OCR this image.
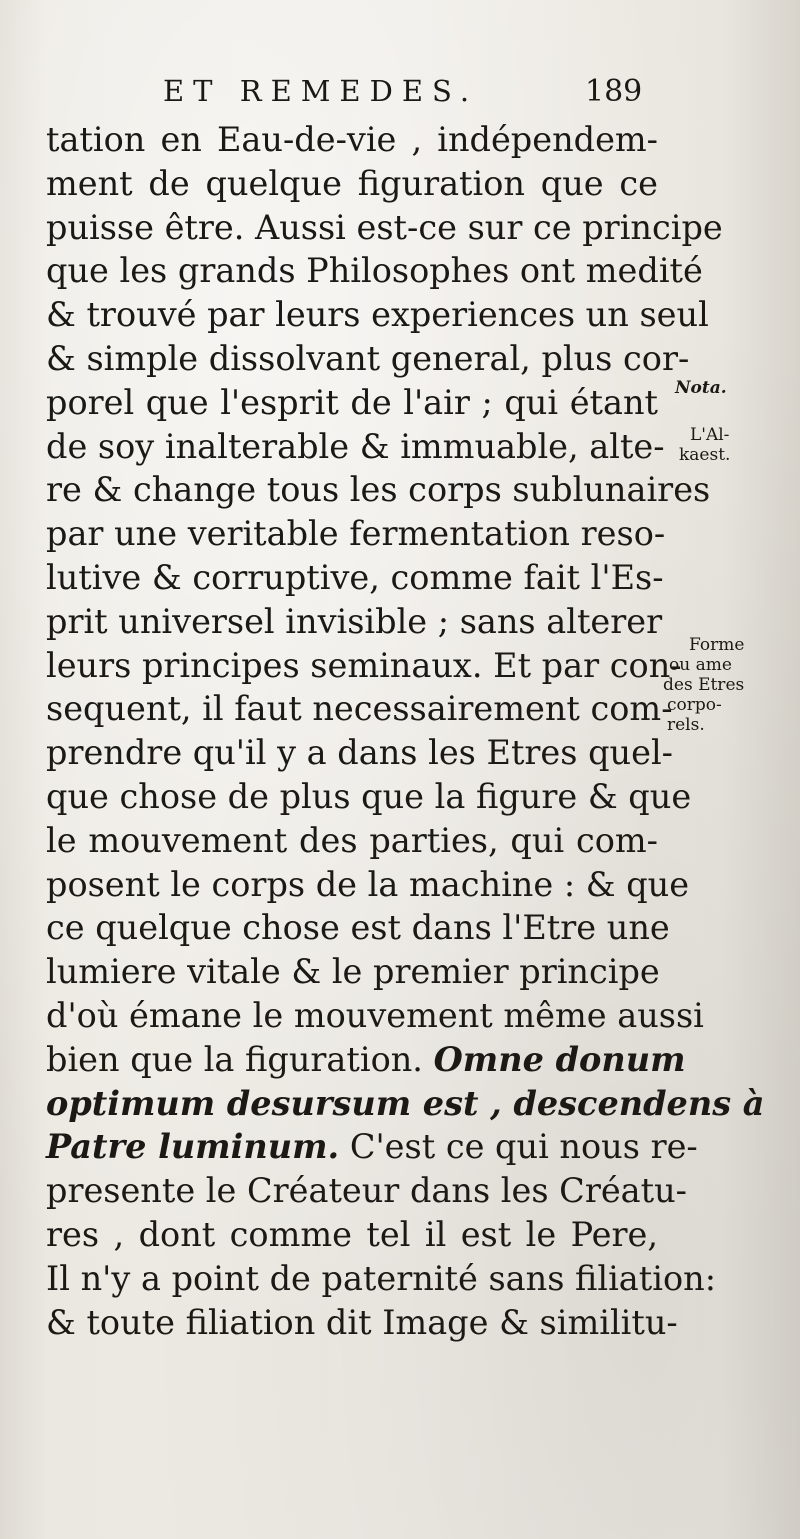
ET REMEDES.	189
tation en Eau-de-vie , indépendem-
ment de quelque figuration que ce
puisse être. Aussi est-ce sur ce principe
que les grands Philosophes ont medité
& trouvé par leurs experiences un seul
& simple dissolvant general, plus cor-
porel que l'esprit de l'air ; qui étant
de soy inalterable & immuable, alte-
re & change tous les corps sublunaires
par une veritable fermentation reso-
lutive & corruptive, comme fait l'Es-
prit universel invisible ; sans alterer
leurs principes seminaux. Et par con-
sequent, il faut necessairement com-
prendre qu'il y a dans les Etres quel-
que chose de plus que la figure & que
le mouvement des parties, qui com-
posent le corps de la machine : & que
ce quelque chose est dans l'Etre une
lumiere vitale & le premier principe
d'où émane le mouvement même aussi
bien que la figuration. Omne donum
optimum desursum est , descendens à
Patre luminum. C'est ce qui nous re-
presente le Créateur dans les Créatu-
res , dont comme tel il est le Pere,
Il n'y a point de paternité sans filiation:
& toute filiation dit Image & similitu-
Nota.
L'Al-
kaest.
Forme
ou ame
des Etres
corpo-
rels.
